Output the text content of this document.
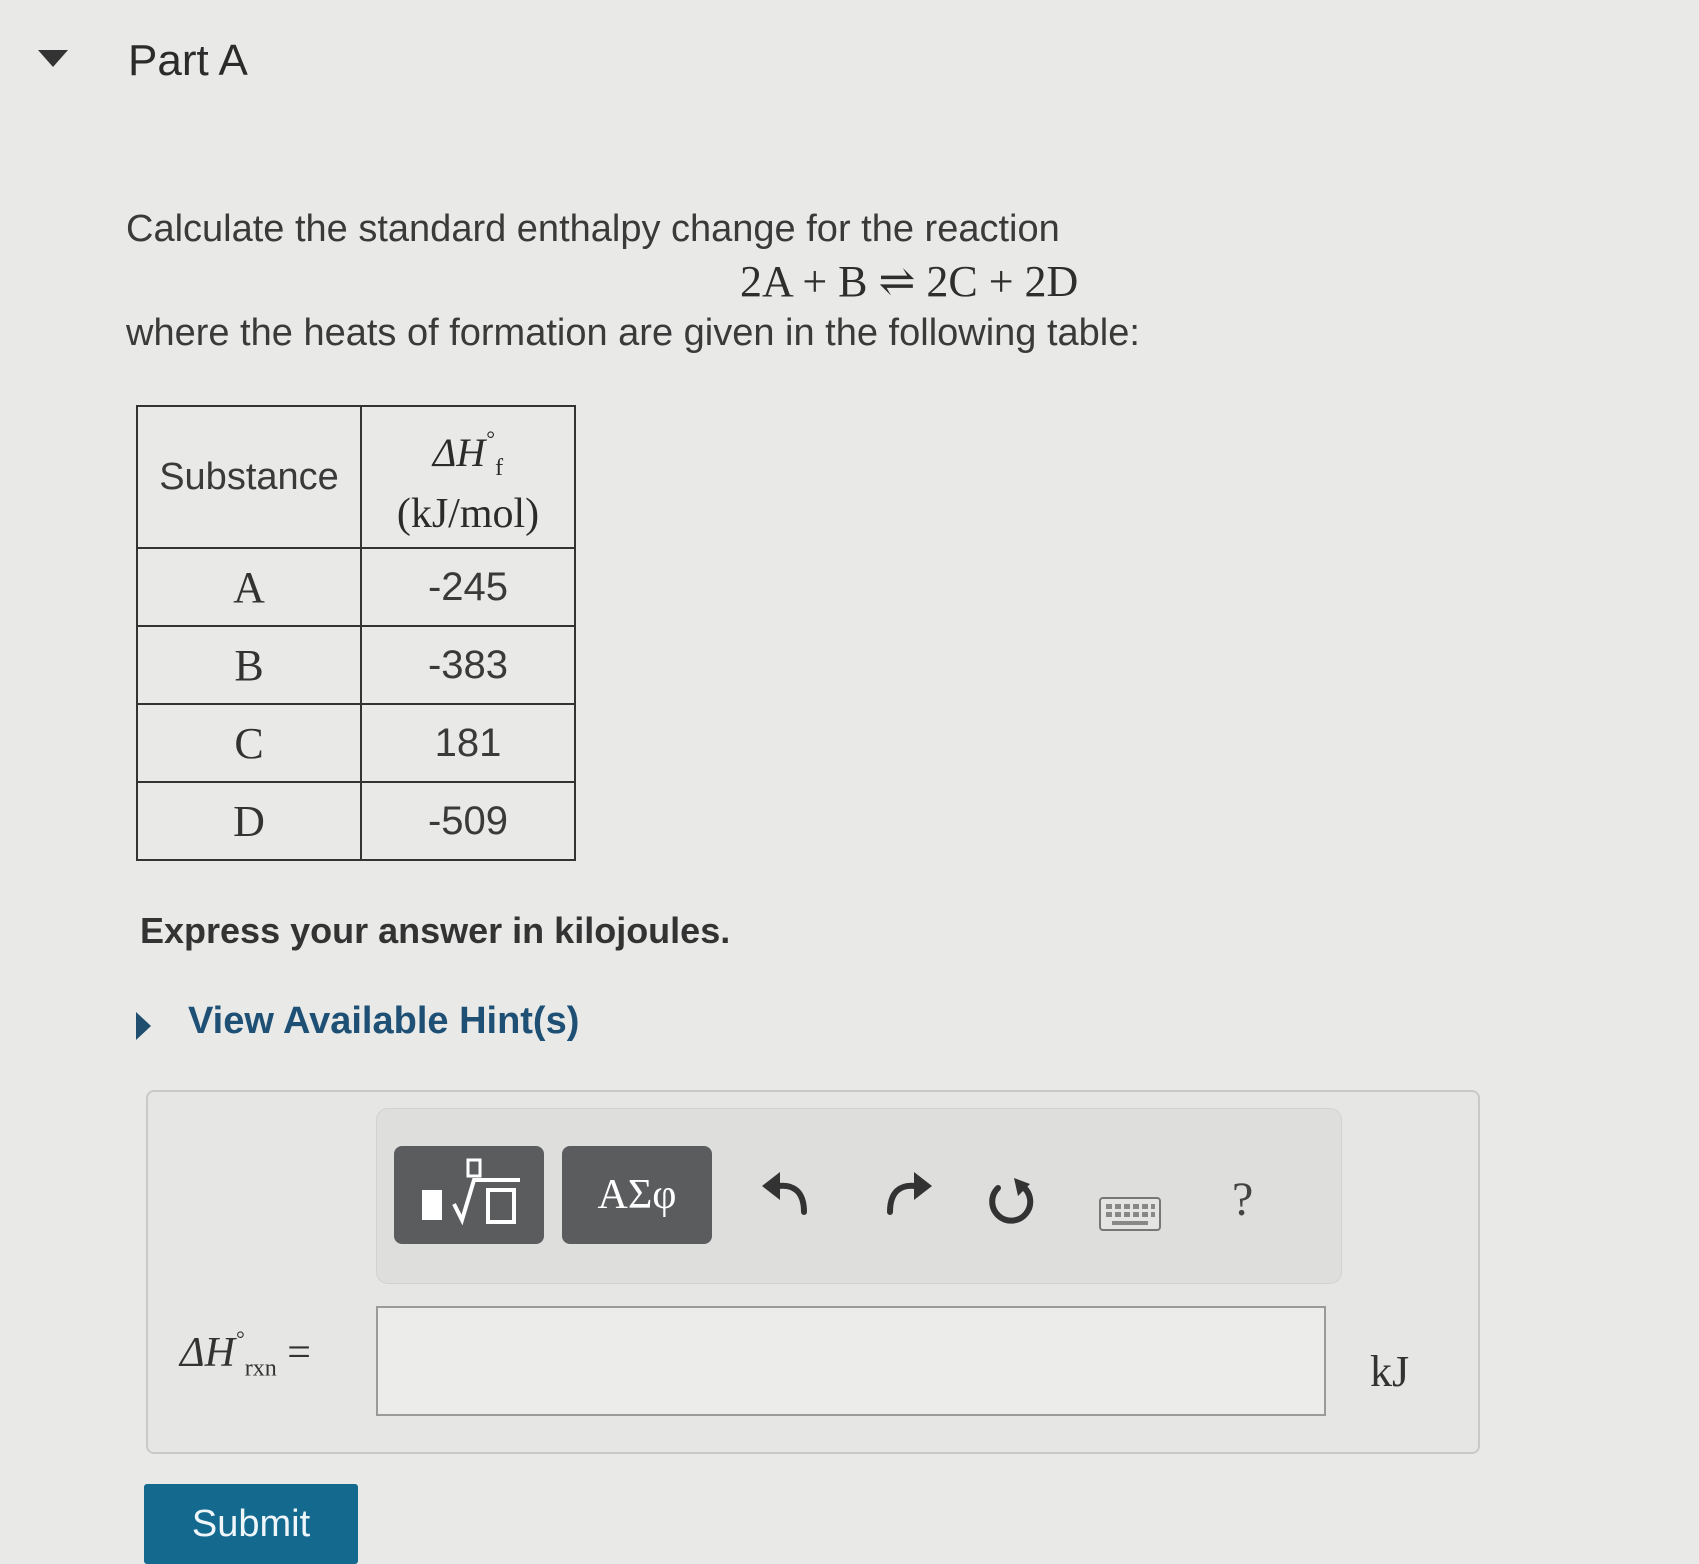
Part A
Calculate the standard enthalpy change for the reaction
2A + B ⇌ 2C + 2D
where the heats of formation are given in the following table:
Substance	$\Delta H^\circ_f$
(kJ/mol)

A	-245
B	-383
C	181
D	-509
Express your answer in kilojoules.
View Available Hint(s)
ΑΣφ	?
$\Delta H^\circ_{rxn}$ =	kJ
Submit
